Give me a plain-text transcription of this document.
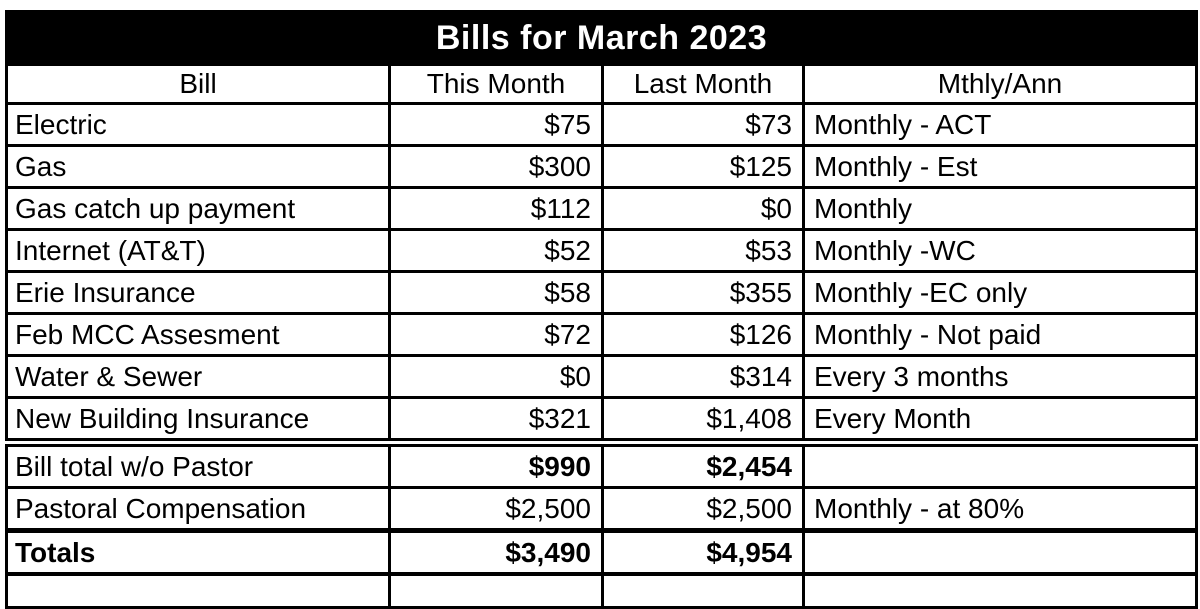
Bills for March 2023			
Bill	This Month	Last Month	Mthly/Ann
Electric	$75	$73	Monthly - ACT
Gas	$300	$125	Monthly - Est
Gas catch up payment	$112	$0	Monthly
Internet (AT&T)	$52	$53	Monthly -WC
Erie Insurance	$58	$355	Monthly -EC only
Feb MCC Assesment	$72	$126	Monthly - Not paid
Water & Sewer	$0	$314	Every 3 months
New Building Insurance	$321	$1,408	Every Month
Bill total w/o Pastor	$990	$2,454	
Pastoral Compensation	$2,500	$2,500	Monthly - at 80%
Totals	$3,490	$4,954	
